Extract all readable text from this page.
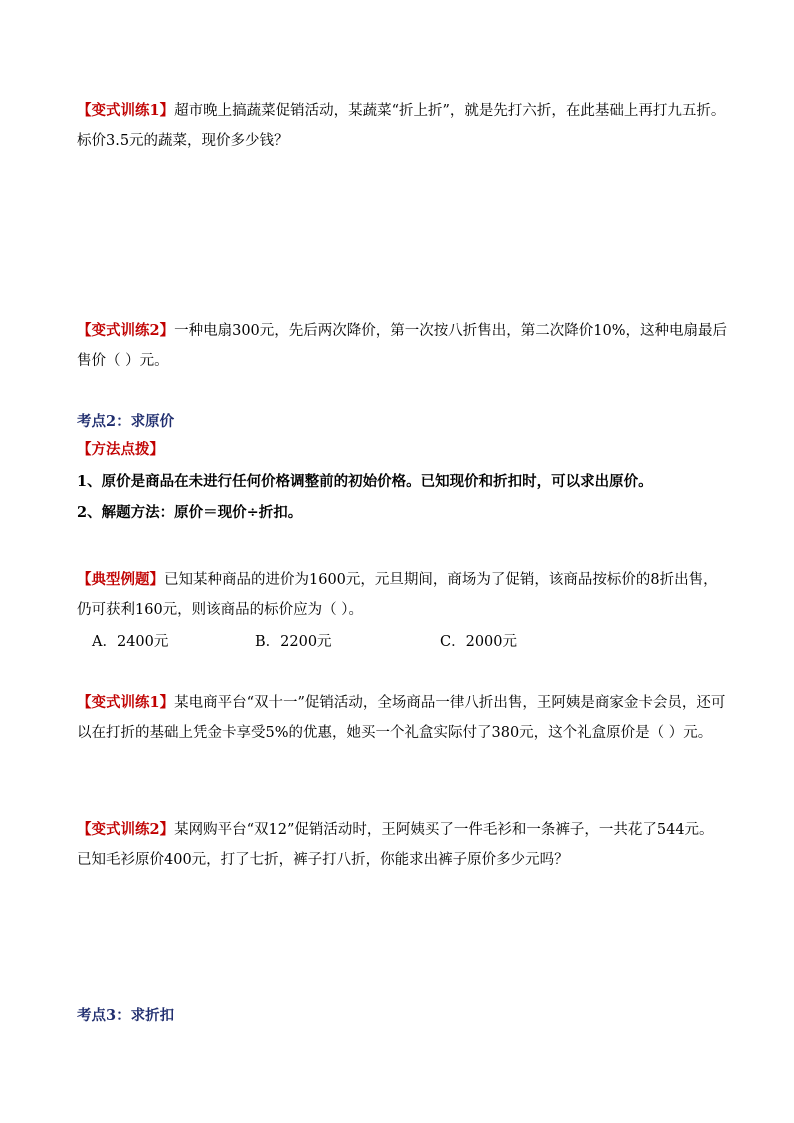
【变式训练1】超市晚上搞蔬菜促销活动，某蔬菜“折上折”，就是先打六折，在此基础上再打九五折。标价3.5元的蔬菜，现价多少钱？
【变式训练2】一种电扇300元，先后两次降价，第一次按八折售出，第二次降价10%，这种电扇最后售价（ ）元。
考点2：求原价
【方法点拨】
1、原价是商品在未进行任何价格调整前的初始价格。已知现价和折扣时，可以求出原价。
2、解题方法：原价＝现价÷折扣。
【典型例题】已知某种商品的进价为1600元，元旦期间，商场为了促销，该商品按标价的8折出售，仍可获利160元，则该商品的标价应为（ ）。
A．2400元	B．2200元	C．2000元
【变式训练1】某电商平台“双十一”促销活动，全场商品一律八折出售，王阿姨是商家金卡会员，还可以在打折的基础上凭金卡享受5%的优惠，她买一个礼盒实际付了380元，这个礼盒原价是（ ）元。
【变式训练2】某网购平台“双12”促销活动时，王阿姨买了一件毛衫和一条裤子，一共花了544元。已知毛衫原价400元，打了七折，裤子打八折，你能求出裤子原价多少元吗？
考点3：求折扣
